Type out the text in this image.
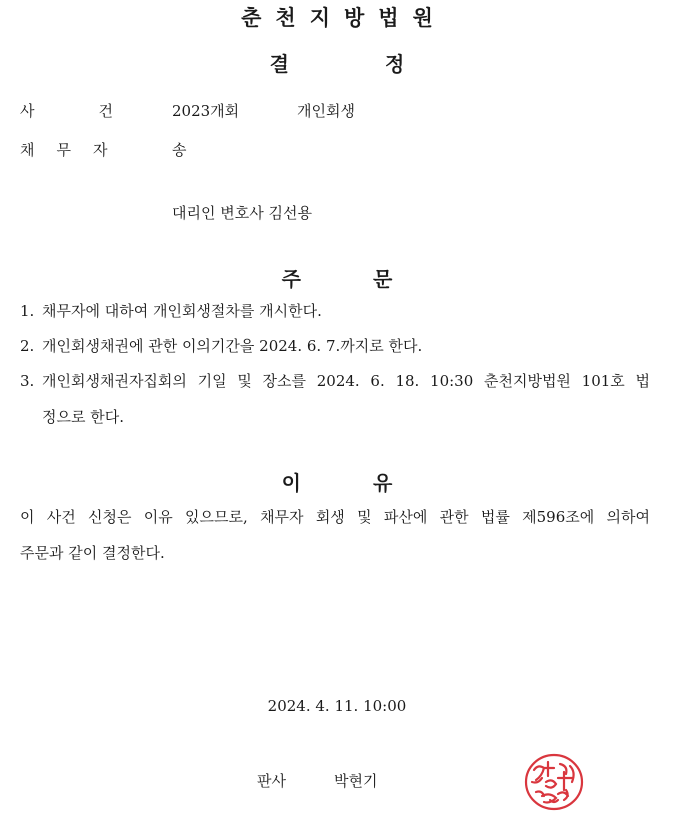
춘 천 지 방 법 원
결	정
사	건	2023개회	개인회생
채 무 자	송
대리인 변호사 김선용
주	문
1. 채무자에 대하여 개인회생절차를 개시한다.
2. 개인회생채권에 관한 이의기간을 2024. 6. 7.까지로 한다.
3. 개인회생채권자집회의 기일 및 장소를 2024. 6. 18. 10:30 춘천지방법원 101호 법
정으로 한다.
이	유
이 사건 신청은 이유 있으므로, 채무자 회생 및 파산에 관한 법률 제596조에 의하여
주문과 같이 결정한다.
2024. 4. 11. 10:00
판사	박현기
